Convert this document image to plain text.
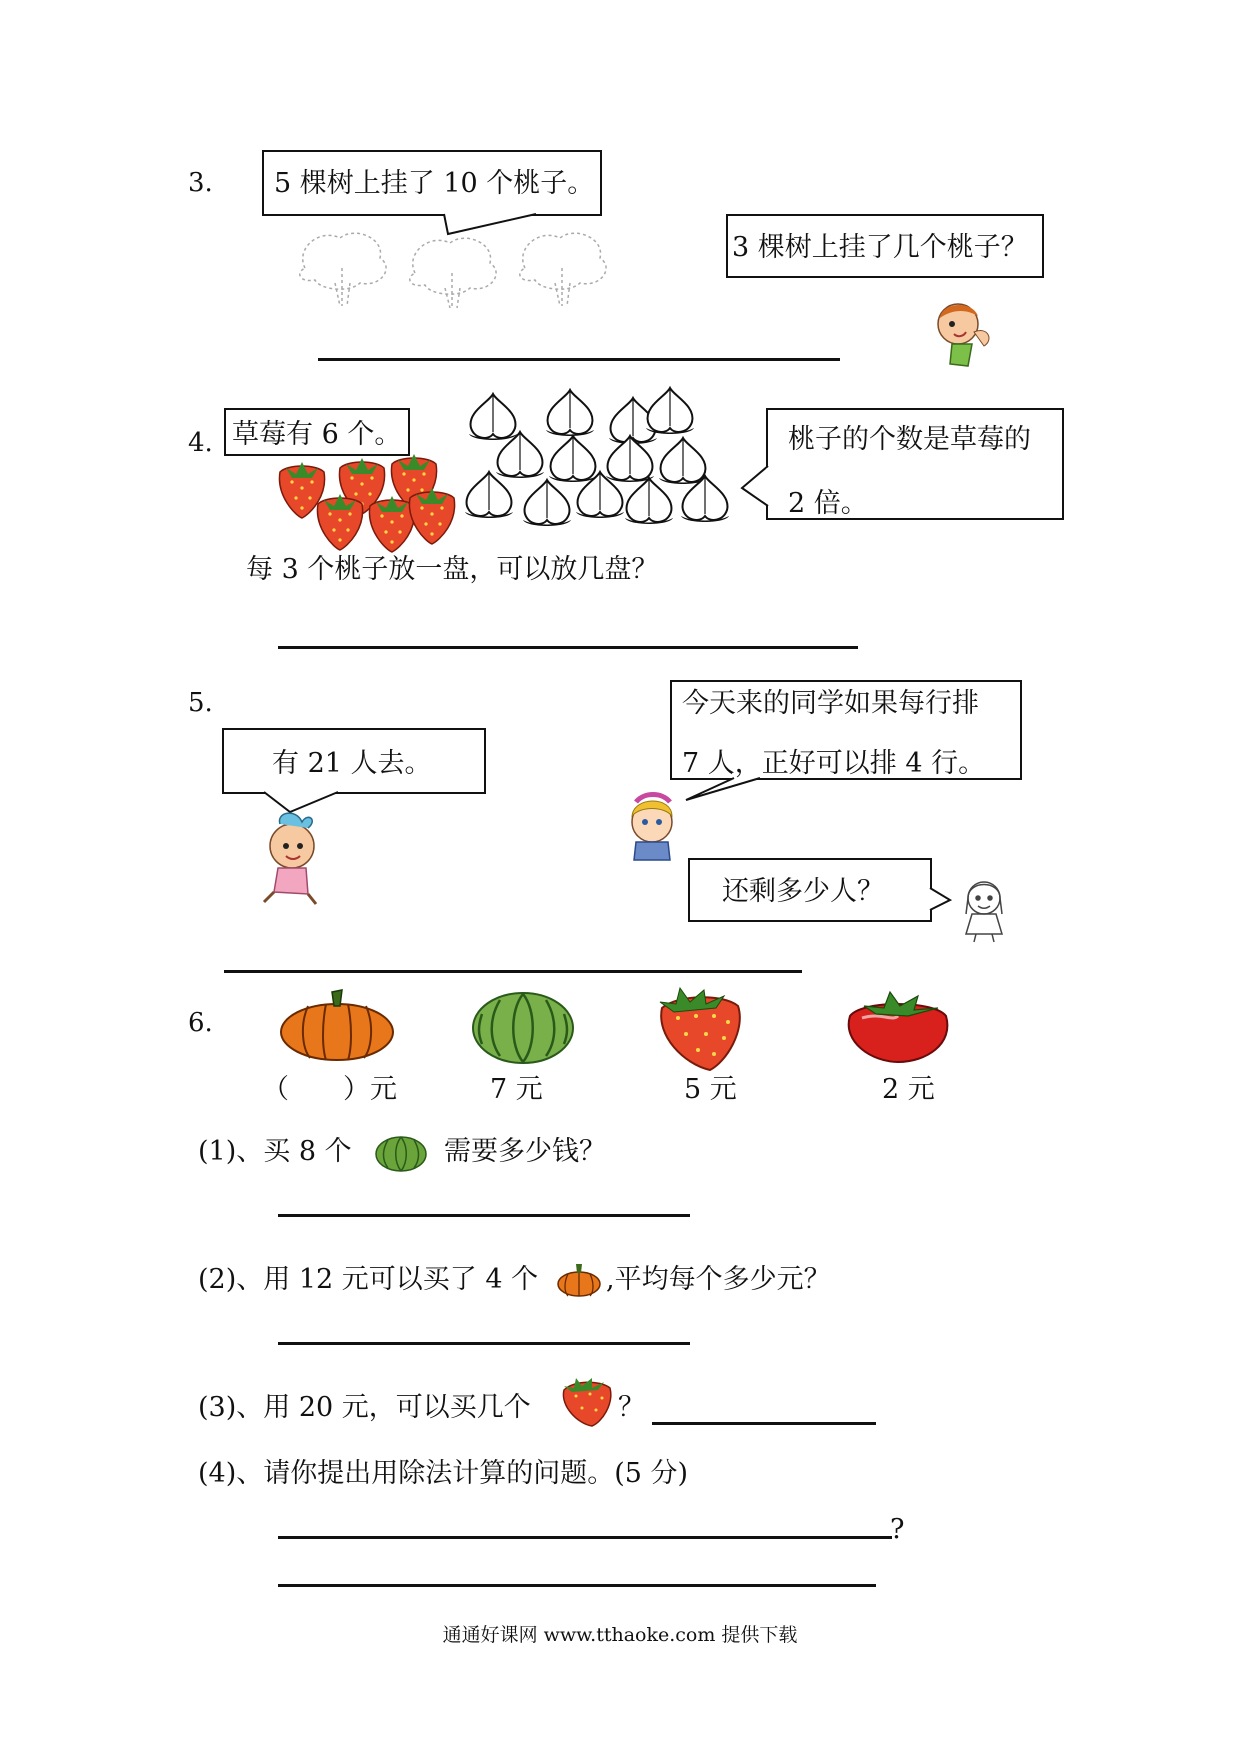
3. 5 棵树上挂了 10 个桃子。
3 棵树上挂了几个桃子？
4. 草莓有 6 个。	桃子的个数是草莓的
2 倍。
每 3 个桃子放一盘，可以放几盘？
5.
有 21 人去。
今天来的同学如果每行排
7 人，正好可以排 4 行。
还剩多少人？
6.
（　　）元	7 元	5 元	2 元
(1)、买 8 个	需要多少钱？
(2)、用 12 元可以买了 4 个	,平均每个多少元？
(3)、用 20 元，可以买几个	？
(4)、请你提出用除法计算的问题。(5 分)
?
通通好课网 www.tthaoke.com 提供下载
